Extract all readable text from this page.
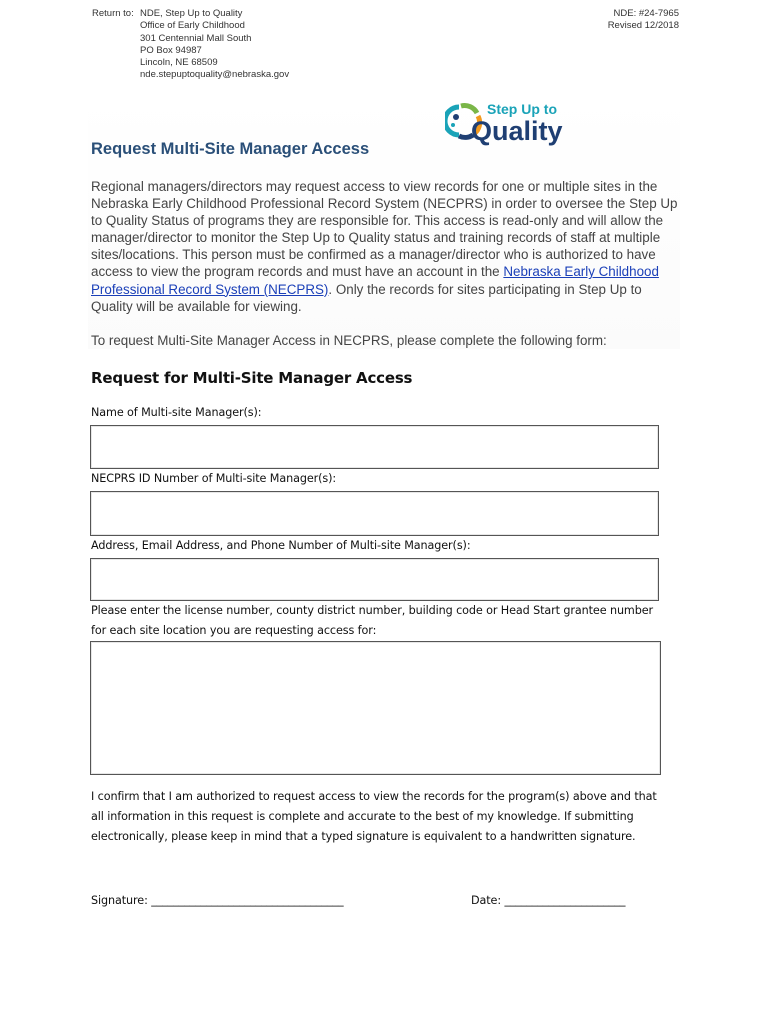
Return to: NDE, Step Up to Quality
Office of Early Childhood
301 Centennial Mall South
PO Box 94987
Lincoln, NE 68509
nde.stepuptoquality@nebraska.gov
NDE: #24-7965
Revised 12/2018
Step Up to
Quality
Request Multi-Site Manager Access
Regional managers/directors may request access to view records for one or multiple sites in the Nebraska Early Childhood Professional Record System (NECPRS) in order to oversee the Step Up to Quality Status of programs they are responsible for. This access is read-only and will allow the manager/director to monitor the Step Up to Quality status and training records of staff at multiple sites/locations. This person must be confirmed as a manager/director who is authorized to have access to view the program records and must have an account in the Nebraska Early Childhood Professional Record System (NECPRS). Only the records for sites participating in Step Up to Quality will be available for viewing.
To request Multi-Site Manager Access in NECPRS, please complete the following form:
Request for Multi-Site Manager Access
Name of Multi-site Manager(s):
NECPRS ID Number of Multi-site Manager(s):
Address, Email Address, and Phone Number of Multi-site Manager(s):
Please enter the license number, county district number, building code or Head Start grantee number
for each site location you are requesting access for:
I confirm that I am authorized to request access to view the records for the program(s) above and that
all information in this request is complete and accurate to the best of my knowledge. If submitting
electronically, please keep in mind that a typed signature is equivalent to a handwritten signature.
Signature: ___________________________________	Date: ______________________
